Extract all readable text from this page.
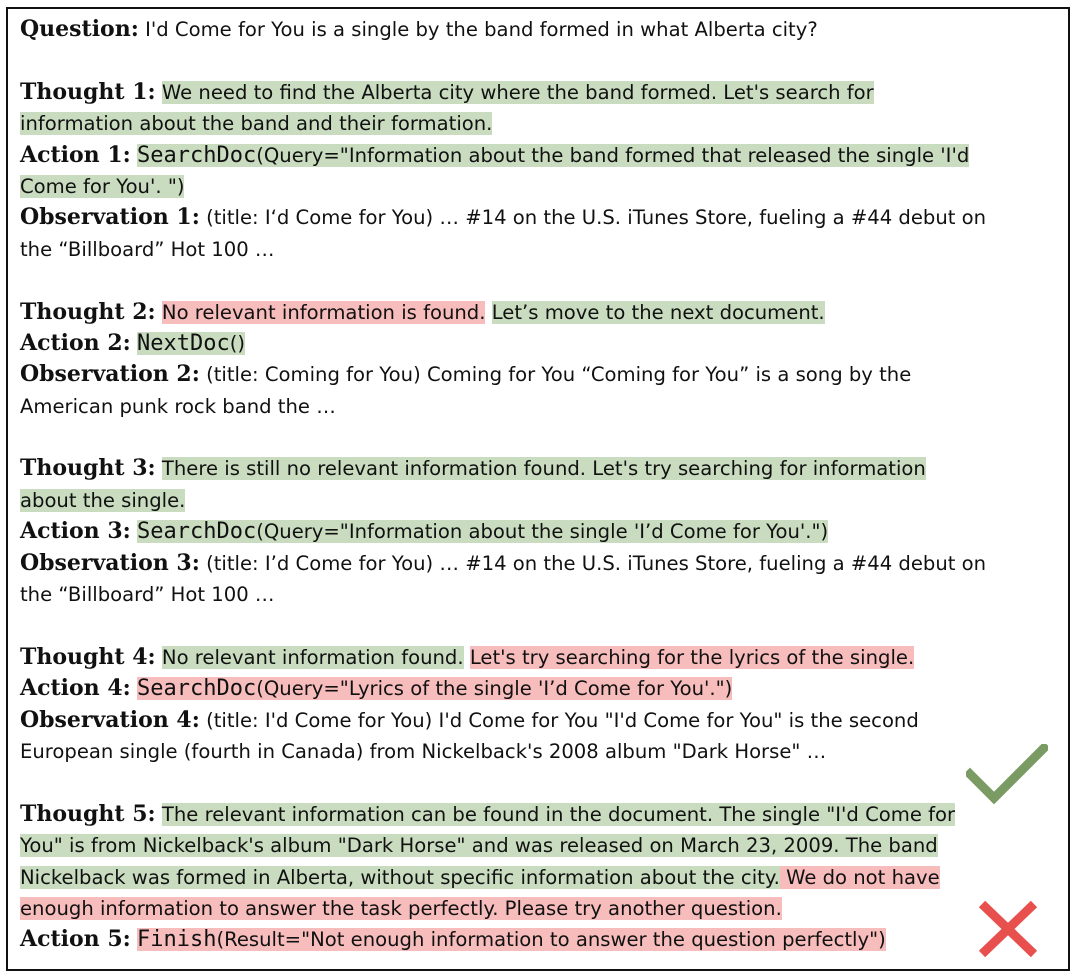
Question: I'd Come for You is a single by the band formed in what Alberta city?
Thought 1: We need to find the Alberta city where the band formed. Let's search for
information about the band and their formation.
Action 1: SearchDoc(Query="Information about the band formed that released the single 'I'd
Come for You'. ")
Observation 1: (title: I‘d Come for You) … #14 on the U.S. iTunes Store, fueling a #44 debut on
the “Billboard” Hot 100 …
Thought 2: No relevant information is found. Let’s move to the next document.
Action 2: NextDoc()
Observation 2: (title: Coming for You) Coming for You “Coming for You” is a song by the
American punk rock band the …
Thought 3: There is still no relevant information found. Let's try searching for information
about the single.
Action 3: SearchDoc(Query="Information about the single 'I’d Come for You'.")
Observation 3: (title: I’d Come for You) … #14 on the U.S. iTunes Store, fueling a #44 debut on
the “Billboard” Hot 100 …
Thought 4: No relevant information found. Let's try searching for the lyrics of the single.
Action 4: SearchDoc(Query="Lyrics of the single 'I’d Come for You'.")
Observation 4: (title: I'd Come for You) I'd Come for You "I'd Come for You" is the second
European single (fourth in Canada) from Nickelback's 2008 album "Dark Horse" …
Thought 5: The relevant information can be found in the document. The single "I'd Come for
You" is from Nickelback's album "Dark Horse" and was released on March 23, 2009. The band
Nickelback was formed in Alberta, without specific information about the city. We do not have
enough information to answer the task perfectly. Please try another question.
Action 5: Finish(Result="Not enough information to answer the question perfectly")
